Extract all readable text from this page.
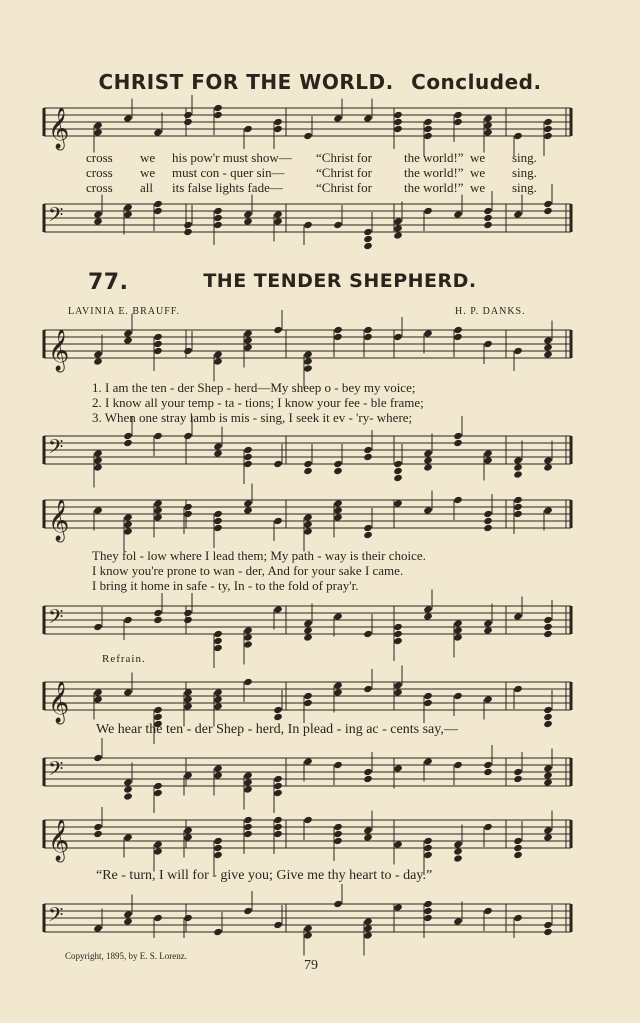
CHRIST FOR THE WORLD. Concluded.
𝄞
cross we his pow'r must show— “Christ for the world!” we sing.
cross we must con - quer sin— “Christ for the world!” we sing.
cross all its false lights fade—	“Christ for the world!” we sing.
𝄢
77.	THE TENDER SHEPHERD.
LAVINIA E. BRAUFF.	H. P. DANKS.
𝄞
1. I am the ten - der Shep - herd—My sheep o - bey my voice;
2. I know all your temp - ta - tions; I know your fee - ble frame;
3. When one stray lamb is mis - sing, I seek it ev - 'ry- where;
𝄢
𝄞
They fol - low where I lead them; My path - way is their choice.
I know you're prone to wan - der, And for your sake I came.
I bring it home in safe - ty, In - to the fold of pray'r.
𝄢
Refrain.
𝄞
We hear the ten - der Shep - herd, In plead - ing ac - cents say,—
𝄢
𝄞
“Re - turn, I will for - give you; Give me thy heart to - day.”
𝄢
Copyright, 1895, by E. S. Lorenz.
79
